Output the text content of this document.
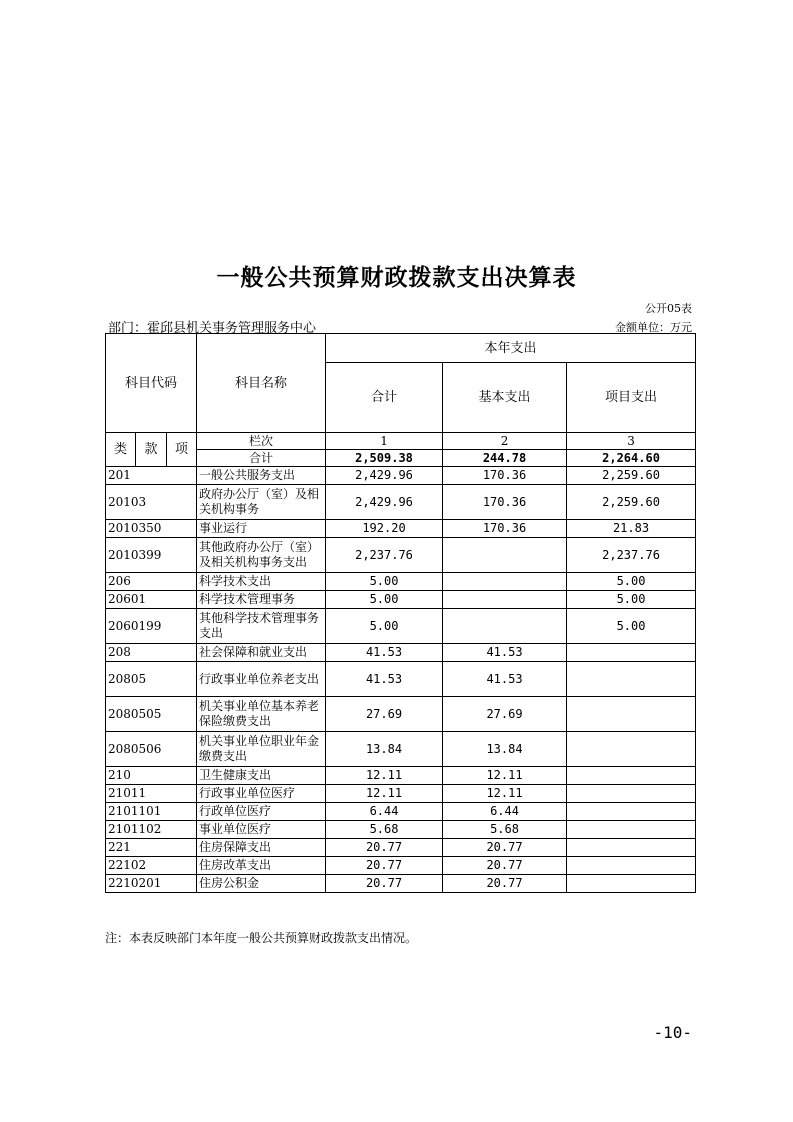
一般公共预算财政拨款支出决算表
公开05表
部门：霍邱县机关事务管理服务中心	金额单位：万元
科目代码			科目名称	本年支出		
				合计	基本支出	项目支出
类	款	项	栏次	1	2	3
			合计	2,509.38	244.78	2,264.60
201			一般公共服务支出	2,429.96	170.36	2,259.60
20103			政府办公厅（室）及相关机构事务	2,429.96	170.36	2,259.60
2010350			事业运行	192.20	170.36	21.83
2010399			其他政府办公厅（室）及相关机构事务支出	2,237.76		2,237.76
206			科学技术支出	5.00		5.00
20601			科学技术管理事务	5.00		5.00
2060199			其他科学技术管理事务支出	5.00		5.00
208			社会保障和就业支出	41.53	41.53	
20805			行政事业单位养老支出	41.53	41.53	
2080505			机关事业单位基本养老保险缴费支出	27.69	27.69	
2080506			机关事业单位职业年金缴费支出	13.84	13.84	
210			卫生健康支出	12.11	12.11	
21011			行政事业单位医疗	12.11	12.11	
2101101			行政单位医疗	6.44	6.44	
2101102			事业单位医疗	5.68	5.68	
221			住房保障支出	20.77	20.77	
22102			住房改革支出	20.77	20.77	
2210201			住房公积金	20.77	20.77	
注：本表反映部门本年度一般公共预算财政拨款支出情况。
-10-
